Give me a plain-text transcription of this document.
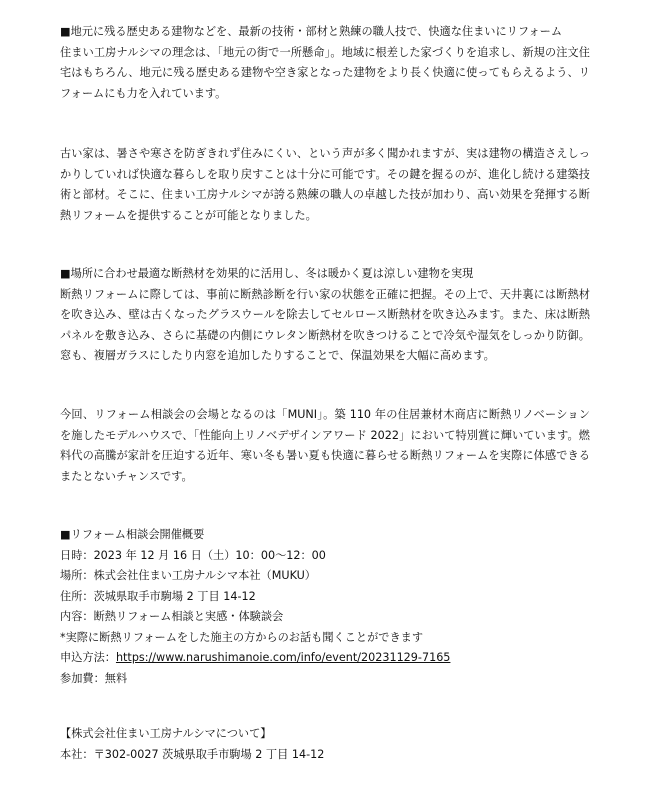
■地元に残る歴史ある建物などを、最新の技術・部材と熟練の職人技で、快適な住まいにリフォーム

住まい工房ナルシマの理念は、「地元の街で一所懸命」。地域に根差した家づくりを追求し、新規の注文住宅はもちろん、地元に残る歴史ある建物や空き家となった建物をより長く快適に使ってもらえるよう、リフォームにも力を入れています。

古い家は、暑さや寒さを防ぎきれず住みにくい、という声が多く聞かれますが、実は建物の構造さえしっかりしていれば快適な暮らしを取り戻すことは十分に可能です。その鍵を握るのが、進化し続ける建築技術と部材。そこに、住まい工房ナルシマが誇る熟練の職人の卓越した技が加わり、高い効果を発揮する断熱リフォームを提供することが可能となりました。

■場所に合わせ最適な断熱材を効果的に活用し、冬は暖かく夏は涼しい建物を実現

断熱リフォームに際しては、事前に断熱診断を行い家の状態を正確に把握。その上で、天井裏には断熱材を吹き込み、壁は古くなったグラスウールを除去してセルロース断熱材を吹き込みます。また、床は断熱パネルを敷き込み、さらに基礎の内側にウレタン断熱材を吹きつけることで冷気や湿気をしっかり防御。窓も、複層ガラスにしたり内窓を追加したりすることで、保温効果を大幅に高めます。

今回、リフォーム相談会の会場となるのは「MUNI」。築 110 年の住居兼材木商店に断熱リノベーションを施したモデルハウスで、「性能向上リノベデザインアワード 2022」において特別賞に輝いています。燃料代の高騰が家計を圧迫する近年、寒い冬も暑い夏も快適に暮らせる断熱リフォームを実際に体感できるまたとないチャンスです。

■リフォーム相談会開催概要
日時：2023 年 12 月 16 日（土）10：00～12：00
場所：株式会社住まい工房ナルシマ本社（MUKU）
住所：茨城県取手市駒場 2 丁目 14-12
内容：断熱リフォーム相談と実感・体験談会
*実際に断熱リフォームをした施主の方からのお話も聞くことができます
申込方法：https://www.narushimanoie.com/info/event/20231129-7165
参加費：無料
【株式会社住まい工房ナルシマについて】
本社：〒302-0027 茨城県取手市駒場 2 丁目 14-12
